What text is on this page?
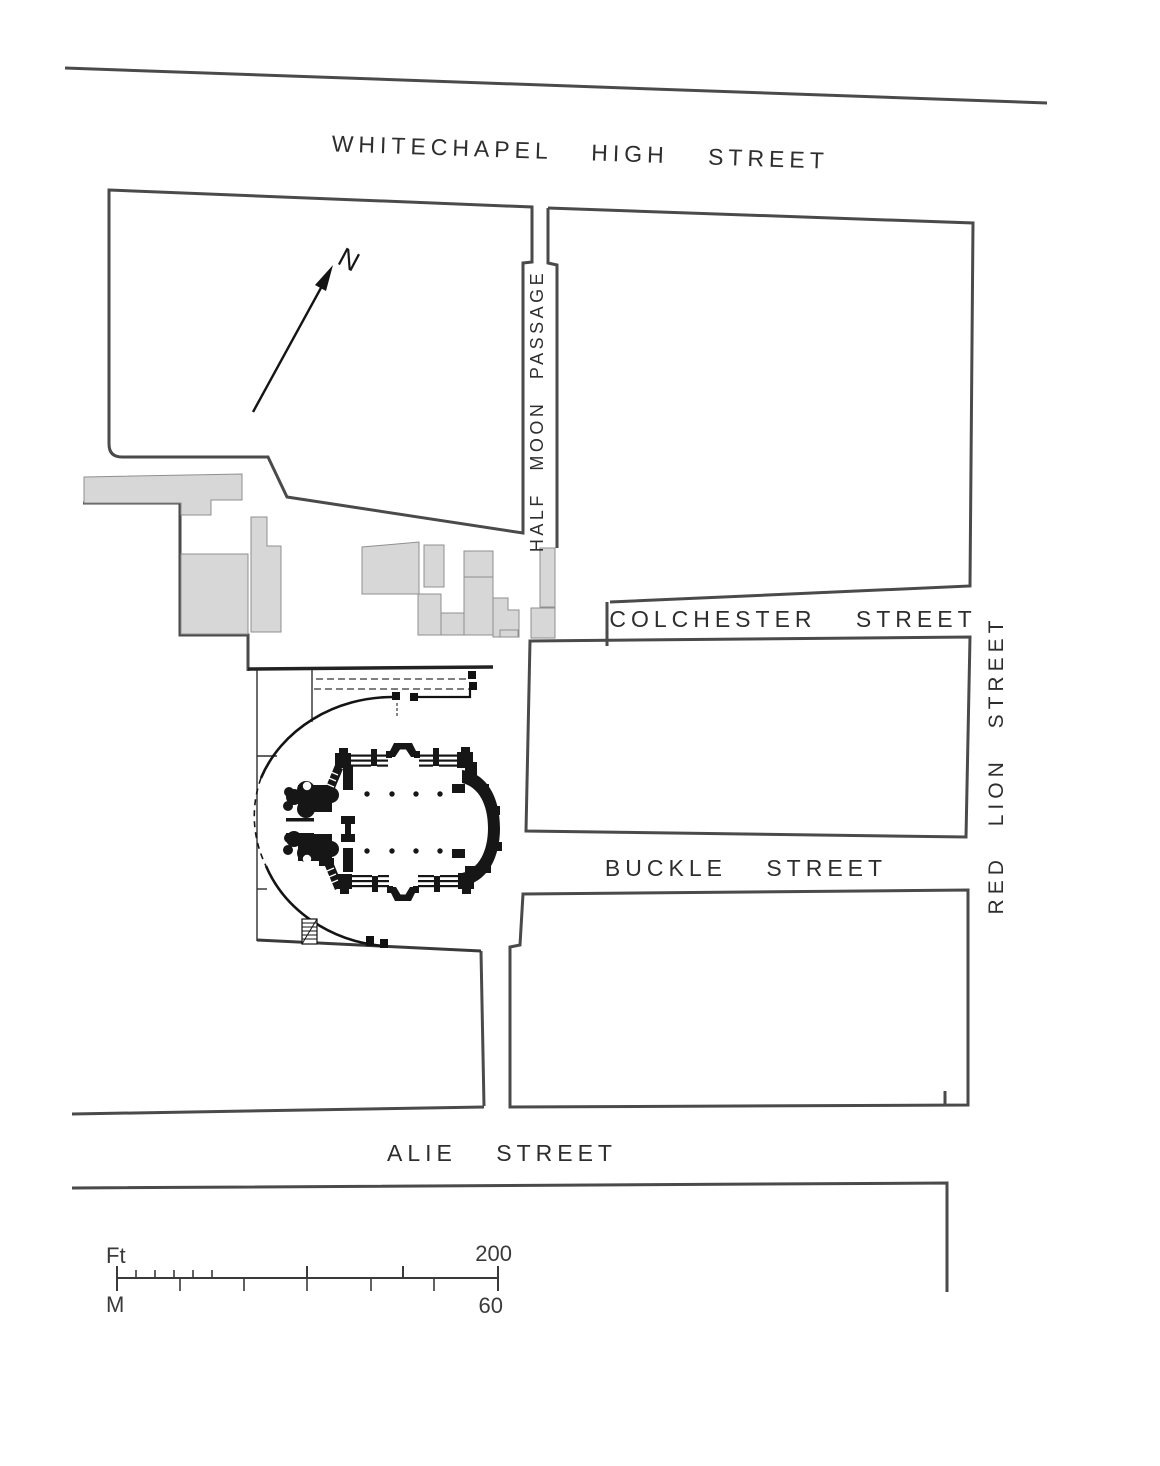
N
WHITECHAPEL HIGH STREET
HALF MOON PASSAGE
COLCHESTER STREET RED LION STREET
BUCKLE STREET
ALIE STREET
Ft	200
M	60
